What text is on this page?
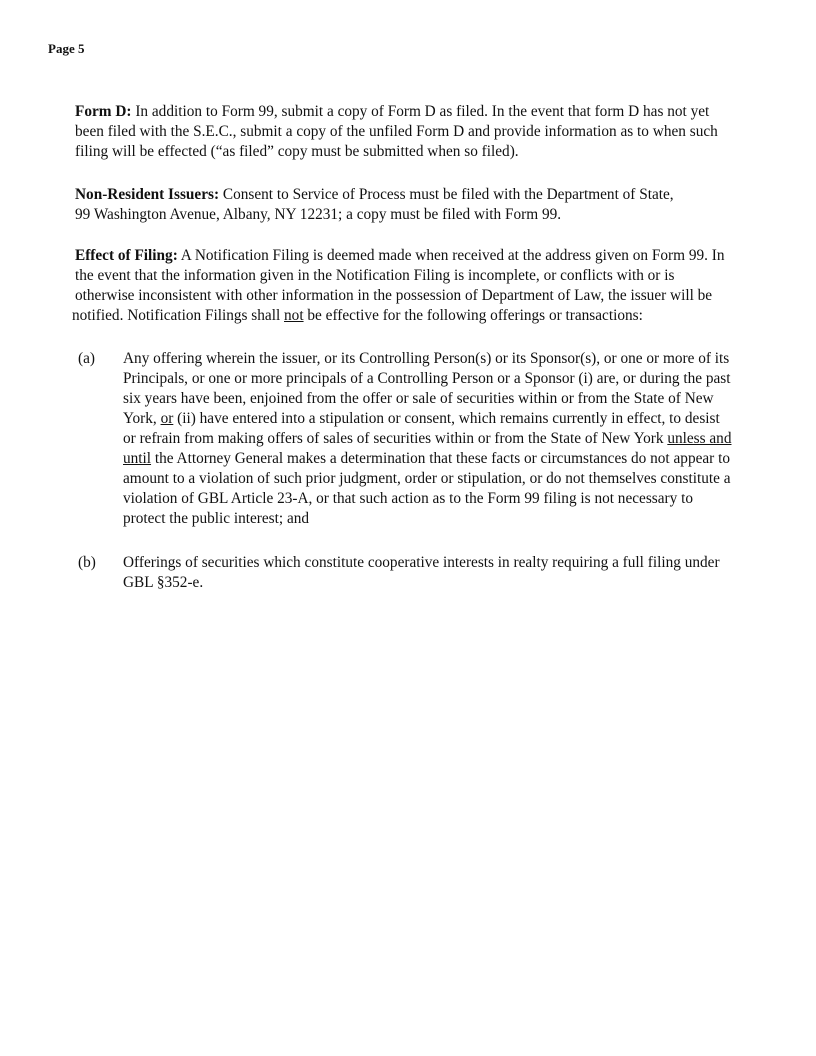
Page 5
Form D: In addition to Form 99, submit a copy of Form D as filed. In the event that form D has not yet
been filed with the S.E.C., submit a copy of the unfiled Form D and provide information as to when such
filing will be effected (“as filed” copy must be submitted when so filed).
Non-Resident Issuers: Consent to Service of Process must be filed with the Department of State,
99 Washington Avenue, Albany, NY 12231; a copy must be filed with Form 99.
Effect of Filing: A Notification Filing is deemed made when received at the address given on Form 99. In
the event that the information given in the Notification Filing is incomplete, or conflicts with or is
otherwise inconsistent with other information in the possession of Department of Law, the issuer will be
notified. Notification Filings shall not be effective for the following offerings or transactions:
(a) Any offering wherein the issuer, or its Controlling Person(s) or its Sponsor(s), or one or more of its
Principals, or one or more principals of a Controlling Person or a Sponsor (i) are, or during the past
six years have been, enjoined from the offer or sale of securities within or from the State of New
York, or (ii) have entered into a stipulation or consent, which remains currently in effect, to desist
or refrain from making offers of sales of securities within or from the State of New York unless and
until the Attorney General makes a determination that these facts or circumstances do not appear to
amount to a violation of such prior judgment, order or stipulation, or do not themselves constitute a
violation of GBL Article 23-A, or that such action as to the Form 99 filing is not necessary to
protect the public interest; and
(b) Offerings of securities which constitute cooperative interests in realty requiring a full filing under
GBL §352-e.
